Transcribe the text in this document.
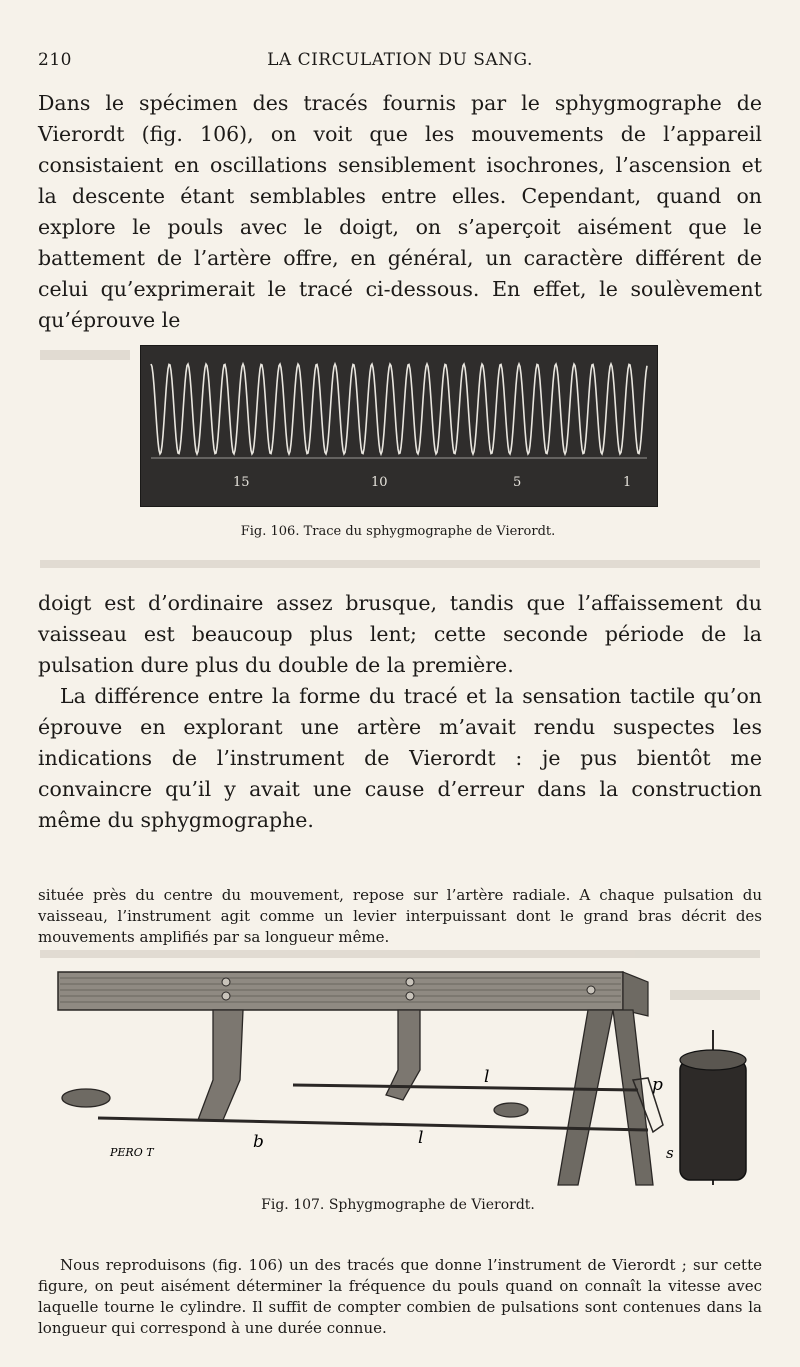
210	LA CIRCULATION DU SANG.

Dans le spécimen des tracés fournis par le sphygmographe de Vierordt (fig. 106), on voit que les mouvements de l’appareil consistaient en oscillations sensiblement isochrones, l’ascension et la descente étant semblables entre elles. Cependant, quand on explore le pouls avec le doigt, on s’aperçoit aisément que le battement de l’artère offre, en général, un caractère différent de celui qu’exprimerait le tracé ci-dessous. En effet, le soulèvement qu’éprouve le

15	10	5	1
Fig. 106. Trace du sphygmographe de Vierordt.

doigt est d’ordinaire assez brusque, tandis que l’affaissement du vaisseau est beaucoup plus lent; cette seconde période de la pulsation dure plus du double de la première.

La différence entre la forme du tracé et la sensation tactile qu’on éprouve en explorant une artère m’avait rendu suspectes les indications de l’instrument de Vierordt : je pus bientôt me convaincre qu’il y avait une cause d’erreur dans la construction même du sphygmographe.

située près du centre du mouvement, repose sur l’artère radiale. A chaque pulsation du vaisseau, l’instrument agit comme un levier interpuissant dont le grand bras décrit des mouvements amplifiés par sa longueur même.

l
l
b
p
s
PERO T
Fig. 107. Sphygmographe de Vierordt.

Nous reproduisons (fig. 106) un des tracés que donne l’instrument de Vierordt ; sur cette figure, on peut aisément déterminer la fréquence du pouls quand on connaît la vitesse avec laquelle tourne le cylindre. Il suffit de compter combien de pulsations sont contenues dans la longueur qui correspond à une durée connue.
